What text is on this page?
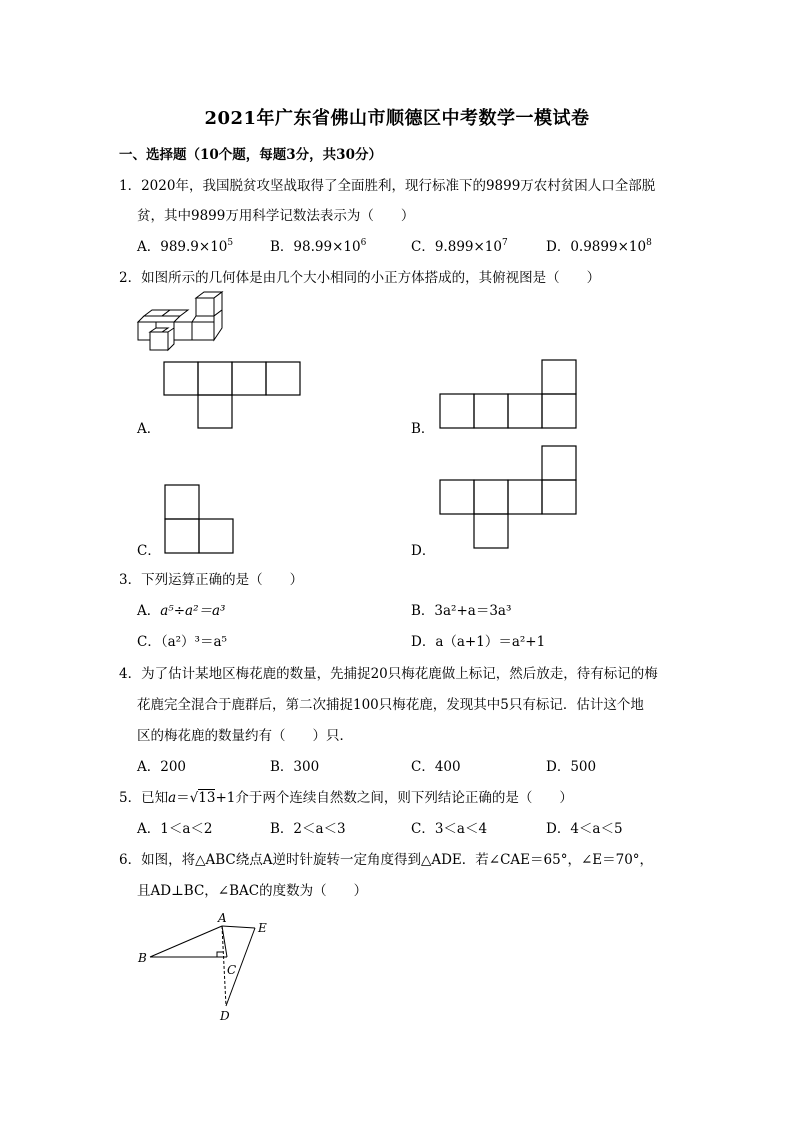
2021年广东省佛山市顺德区中考数学一模试卷
一、选择题（10个题，每题3分，共30分）
1．2020年，我国脱贫攻坚战取得了全面胜利，现行标准下的9899万农村贫困人口全部脱
贫，其中9899万用科学记数法表示为（　　）
A．$989.9\times 10^5$	B．$98.99\times 10^6$	C．$9.899\times 10^7$	D．$0.9899\times 10^8$
2．如图所示的几何体是由几个大小相同的小正方体搭成的，其俯视图是（　　）
A．	B．
C．	D．
3．下列运算正确的是（　　）
A．a⁵÷a²＝a³	B．3a²+a＝3a³
C．（a²）³＝a⁵	D．a（a+1）＝a²+1
4．为了估计某地区梅花鹿的数量，先捕捉20只梅花鹿做上标记，然后放走，待有标记的梅
花鹿完全混合于鹿群后，第二次捕捉100只梅花鹿，发现其中5只有标记．估计这个地
区的梅花鹿的数量约有（　　）只．
A．200	B．300	C．400	D．500
5．已知a＝√13+1介于两个连续自然数之间，则下列结论正确的是（　　）
A．1＜a＜2	B．2＜a＜3	C．3＜a＜4	D．4＜a＜5
6．如图，将△ABC绕点A逆时针旋转一定角度得到△ADE．若∠CAE＝65°，∠E＝70°，
且AD⊥BC，∠BAC的度数为（　　）
A
B
C
D
E
